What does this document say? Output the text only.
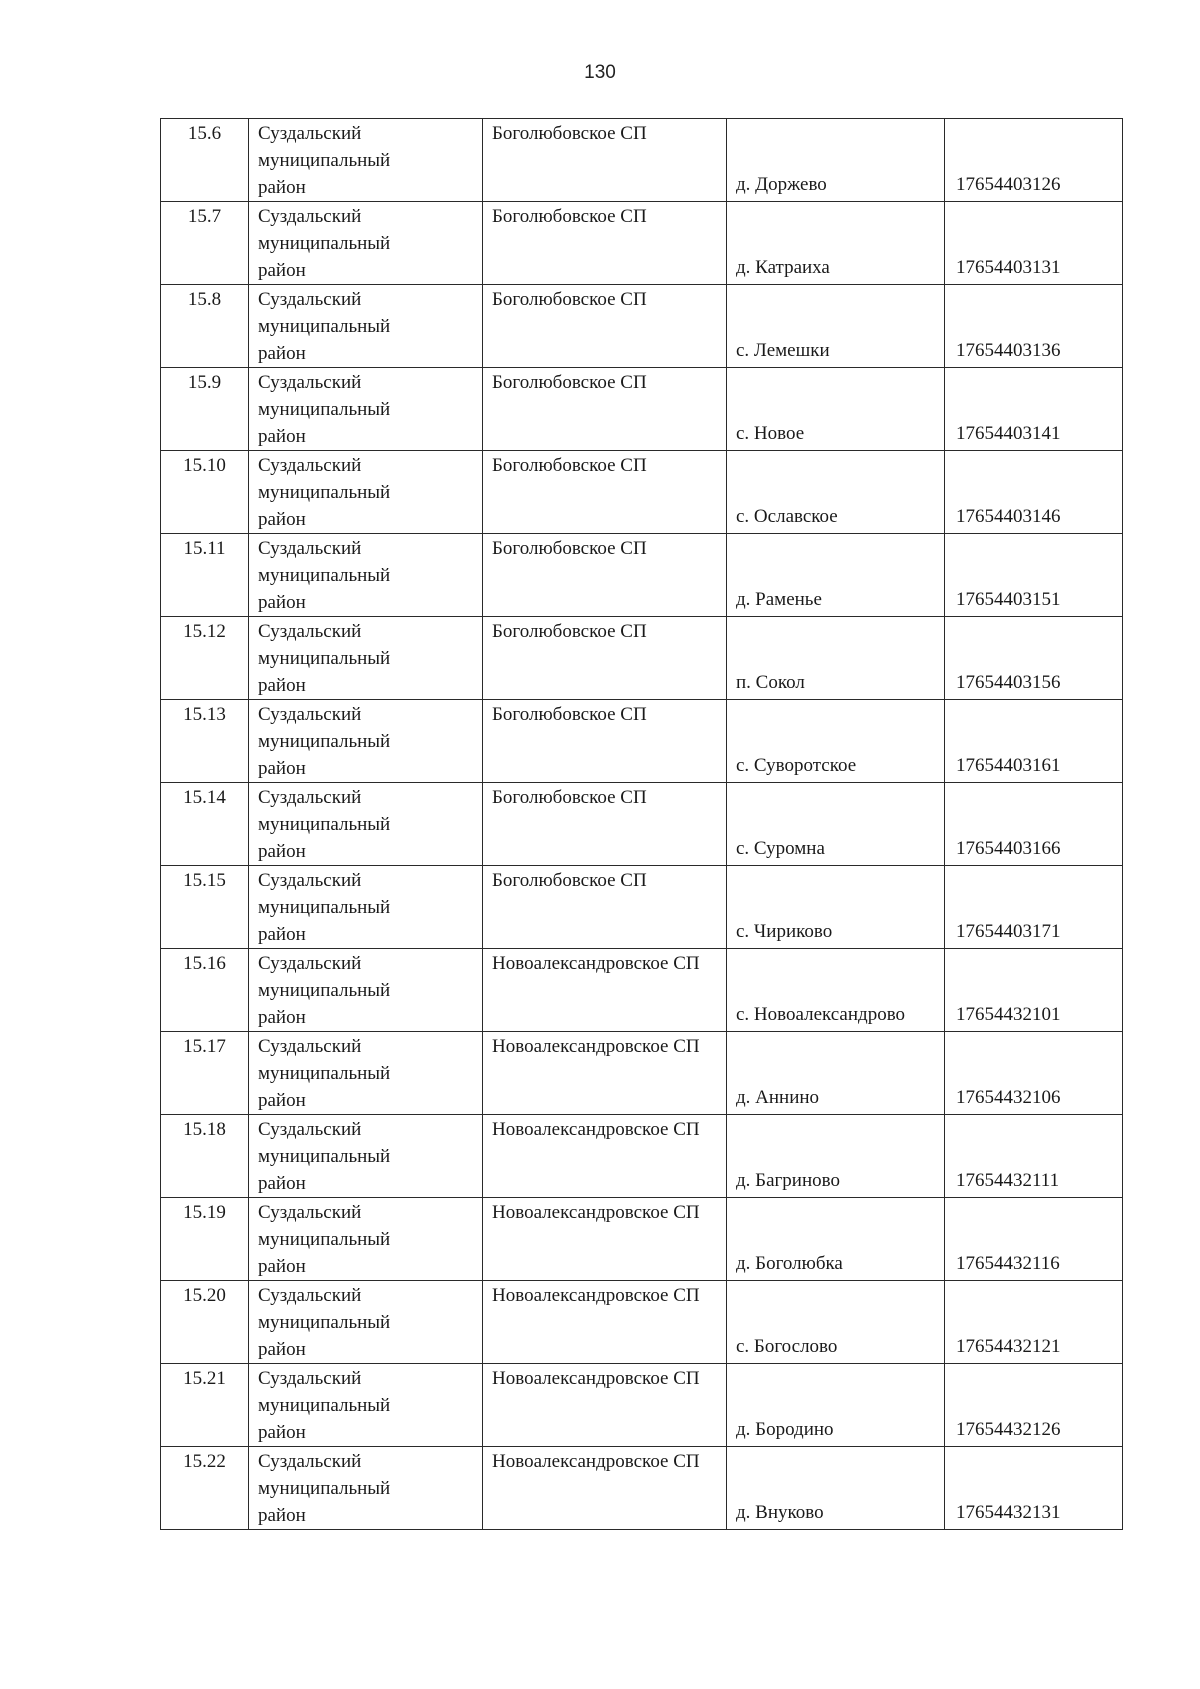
130
15.6	Суздальский
муниципальный
район	Боголюбовское СП	д. Доржево	17654403126
15.7	Суздальский
муниципальный
район	Боголюбовское СП	д. Катраиха	17654403131
15.8	Суздальский
муниципальный
район	Боголюбовское СП	с. Лемешки	17654403136
15.9	Суздальский
муниципальный
район	Боголюбовское СП	с. Новое	17654403141
15.10	Суздальский
муниципальный
район	Боголюбовское СП	с. Ославское	17654403146
15.11	Суздальский
муниципальный
район	Боголюбовское СП	д. Раменье	17654403151
15.12	Суздальский
муниципальный
район	Боголюбовское СП	п. Сокол	17654403156
15.13	Суздальский
муниципальный
район	Боголюбовское СП	с. Суворотское	17654403161
15.14	Суздальский
муниципальный
район	Боголюбовское СП	с. Суромна	17654403166
15.15	Суздальский
муниципальный
район	Боголюбовское СП	с. Чириково	17654403171
15.16	Суздальский
муниципальный
район	Новоалександровское СП	с. Новоалександрово	17654432101
15.17	Суздальский
муниципальный
район	Новоалександровское СП	д. Аннино	17654432106
15.18	Суздальский
муниципальный
район	Новоалександровское СП	д. Багриново	17654432111
15.19	Суздальский
муниципальный
район	Новоалександровское СП	д. Боголюбка	17654432116
15.20	Суздальский
муниципальный
район	Новоалександровское СП	с. Богослово	17654432121
15.21	Суздальский
муниципальный
район	Новоалександровское СП	д. Бородино	17654432126
15.22	Суздальский
муниципальный
район	Новоалександровское СП	д. Внуково	17654432131
